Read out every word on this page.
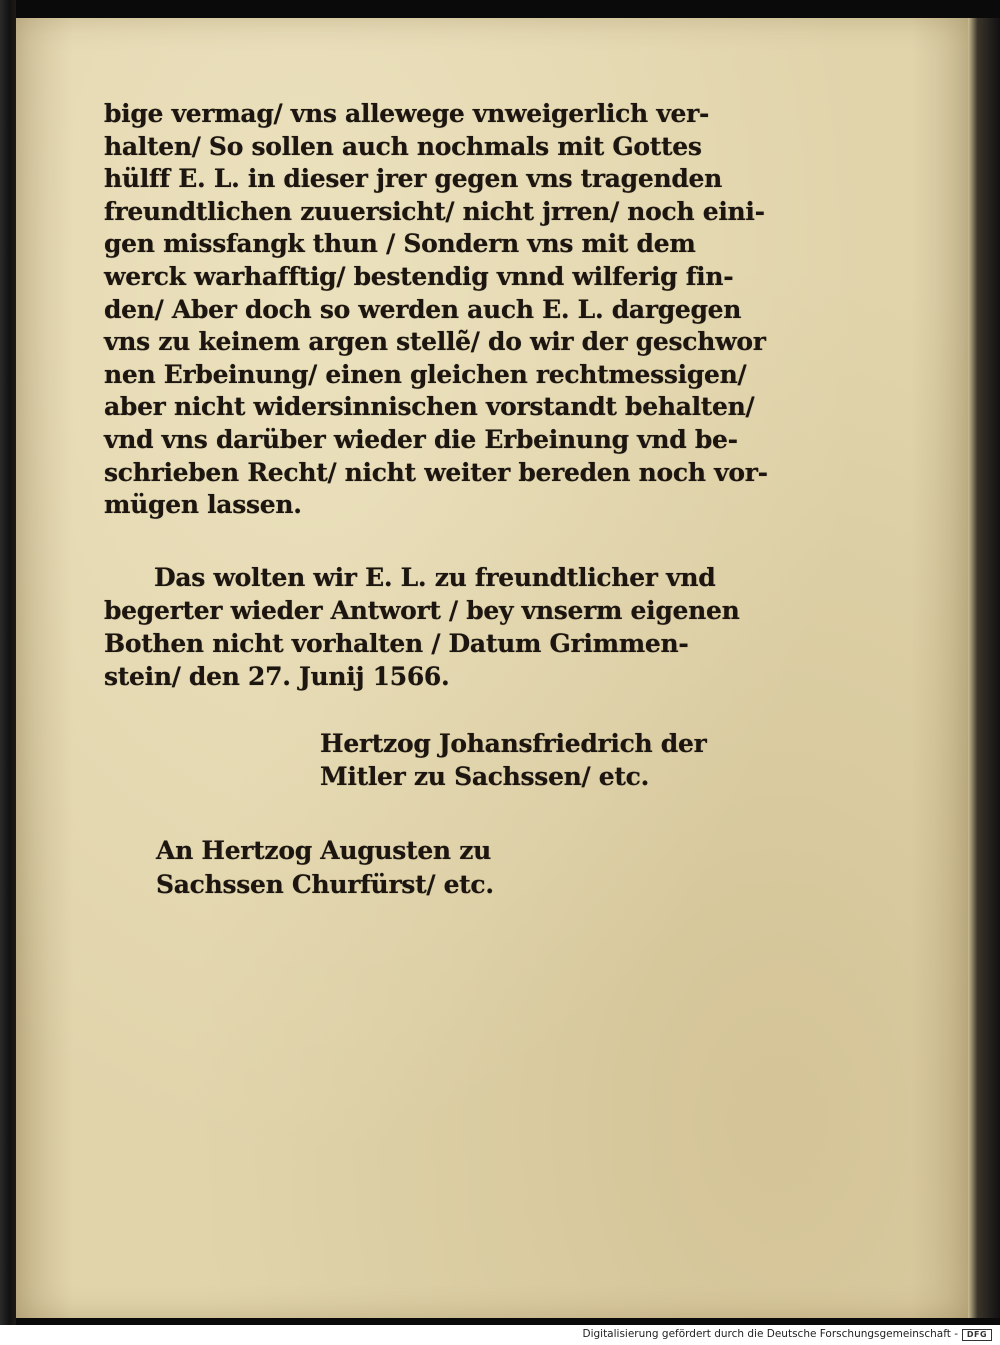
bige vermag/ vns allewege vnweigerlich ver-
halten/ So sollen auch nochmals mit Gottes
hülff E. L. in dieser jrer gegen vns tragenden
freundtlichen zuuersicht/ nicht jrren/ noch eini-
gen missfangk thun / Sondern vns mit dem
werck warhafftig/ bestendig vnnd wilferig fin-
den/ Aber doch so werden auch E. L. dargegen
vns zu keinem argen stellẽ/ do wir der geschwor
nen Erbeinung/ einen gleichen rechtmessigen/
aber nicht widersinnischen vorstandt behalten/
vnd vns darüber wieder die Erbeinung vnd be-
schrieben Recht/ nicht weiter bereden noch vor-
mügen lassen.
Das wolten wir E. L. zu freundtlicher vnd
begerter wieder Antwort / bey vnserm eigenen
Bothen nicht vorhalten / Datum Grimmen-
stein/ den 27. Junij 1566.
Hertzog Johansfriedrich der
Mitler zu Sachssen/ etc.
An Hertzog Augusten zu
Sachssen Churfürst/ etc.
Digitalisierung gefördert durch die Deutsche Forschungsgemeinschaft -	DFG
